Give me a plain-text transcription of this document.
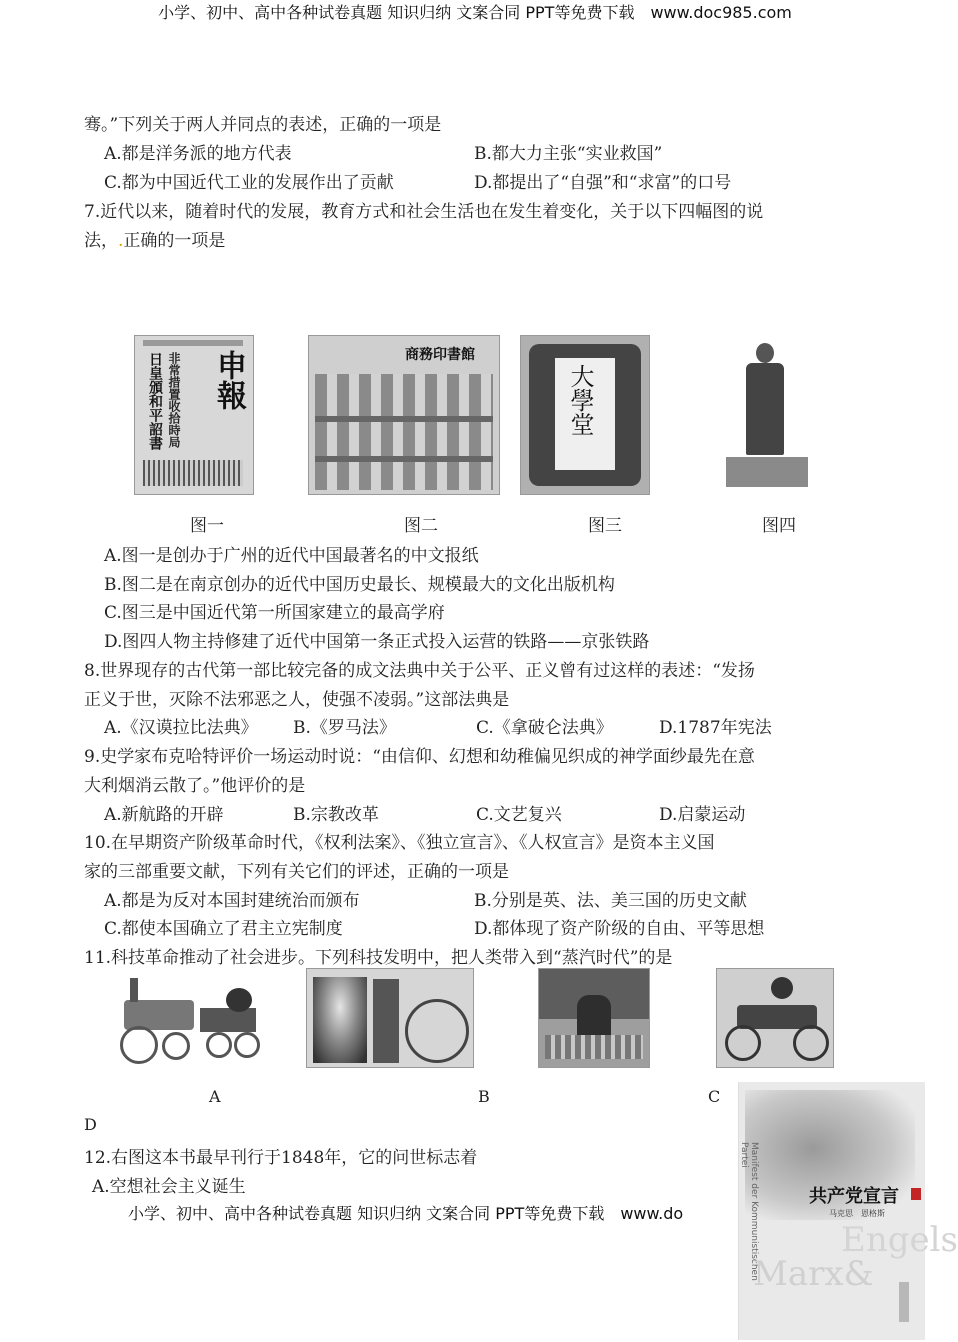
小学、初中、高中各种试卷真题 知识归纳 文案合同 PPT等免费下载　www.doc985.com
骞。”下列关于两人并同点的表述，正确的一项是
A.都是洋务派的地方代表	B.都大力主张“实业救国”
C.都为中国近代工业的发展作出了贡献	D.都提出了“自强”和“求富”的口号
7.近代以来，随着时代的发展，教育方式和社会生活也在发生着变化，关于以下四幅图的说
法，.正确的一项是
申報
非常措置收拾時局
日皇頒和平詔書	商務印書館
大學堂
图一	图二	图三	图四
A.图一是创办于广州的近代中国最著名的中文报纸
B.图二是在南京创办的近代中国历史最长、规模最大的文化出版机构
C.图三是中国近代第一所国家建立的最高学府
D.图四人物主持修建了近代中国第一条正式投入运营的铁路——京张铁路
8.世界现存的古代第一部比较完备的成文法典中关于公平、正义曾有过这样的表述：“发扬
正义于世，灭除不法邪恶之人，使强不凌弱。”这部法典是
A.《汉谟拉比法典》 B.《罗马法》	C.《拿破仑法典》	D.1787年宪法
9.史学家布克哈特评价一场运动时说：“由信仰、幻想和幼稚偏见织成的神学面纱最先在意
大利烟消云散了。”他评价的是
A.新航路的开辟	B.宗教改革	C.文艺复兴	D.启蒙运动
10.在早期资产阶级革命时代，《权利法案》、《独立宣言》、《人权宣言》是资本主义国
家的三部重要文献，下列有关它们的评述，正确的一项是
A.都是为反对本国封建统治而颁布	B.分别是英、法、美三国的历史文献
C.都使本国确立了君主立宪制度	D.都体现了资产阶级的自由、平等思想
11.科技革命推动了社会进步。下列科技发明中，把人类带入到“蒸汽时代”的是
A	B	C
D
12.右图这本书最早刊行于1848年，它的问世标志着
A.空想社会主义诞生
小学、初中、高中各种试卷真题 知识归纳 文案合同 PPT等免费下载　www.do	Manifest der Kommunistischen Partei
共产党宣言
马克思　恩格斯
Engels
Marx&
